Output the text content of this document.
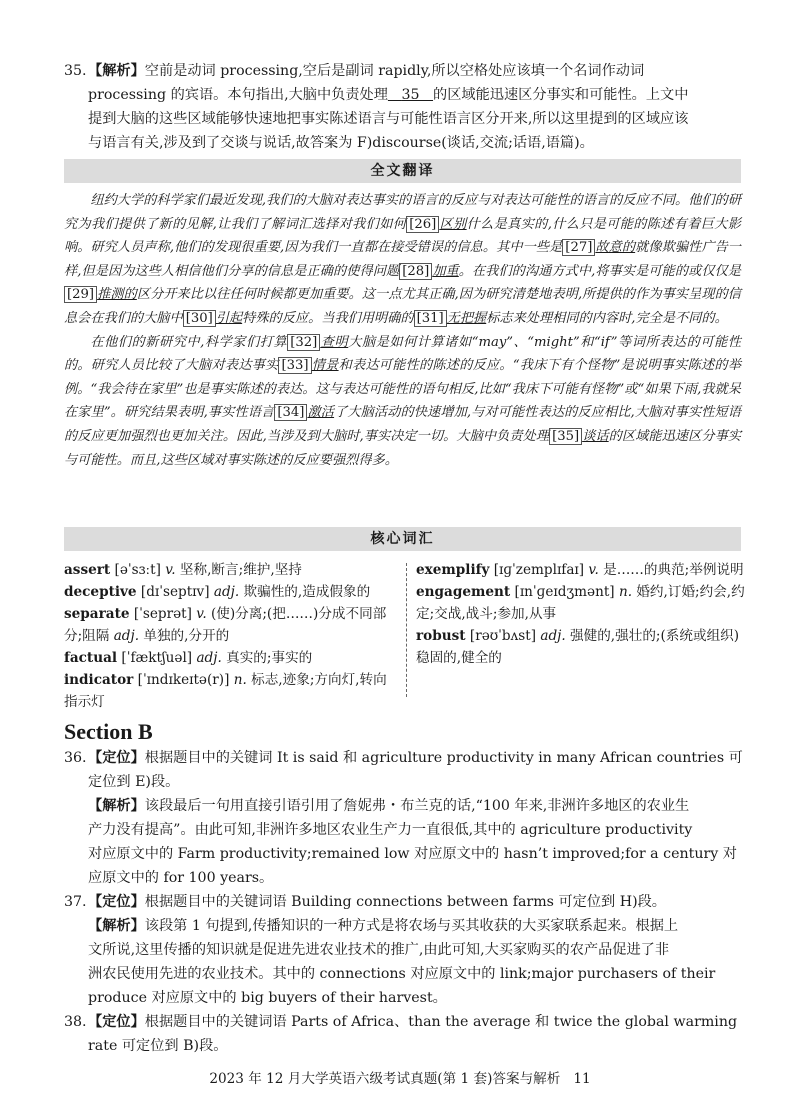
35.【解析】空前是动词 processing,空后是副词 rapidly,所以空格处应该填一个名词作动词
processing 的宾语。本句指出,大脑中负责处理 35 的区域能迅速区分事实和可能性。上文中
提到大脑的这些区域能够快速地把事实陈述语言与可能性语言区分开来,所以这里提到的区域应该
与语言有关,涉及到了交谈与说话,故答案为 F)discourse(谈话,交流;话语,语篇)。
全文翻译

纽约大学的科学家们最近发现,我们的大脑对表达事实的语言的反应与对表达可能性的语言的反应不同。他们的研究为我们提供了新的见解,让我们了解词汇选择对我们如何 [26] 区别什么是真实的,什么只是可能的陈述有着巨大影响。研究人员声称,他们的发现很重要,因为我们一直都在接受错误的信息。其中一些是 [27] 故意的就像欺骗性广告一样,但是因为这些人相信他们分享的信息是正确的使得问题 [28] 加重。在我们的沟通方式中,将事实是可能的或仅仅是[29] 推测的区分开来比以往任何时候都更加重要。这一点尤其正确,因为研究清楚地表明,所提供的作为事实呈现的信息会在我们的大脑中 [30] 引起特殊的反应。当我们用明确的 [31] 无把握标志来处理相同的内容时,完全是不同的。

在他们的新研究中,科学家们打算 [32] 查明大脑是如何计算诸如“may”、“might”和“if”等词所表达的可能性的。研究人员比较了大脑对表达事实 [33] 情景和表达可能性的陈述的反应。“我床下有个怪物”是说明事实陈述的举例。“我会待在家里”也是事实陈述的表达。这与表达可能性的语句相反,比如“我床下可能有怪物”或“如果下雨,我就呆在家里”。研究结果表明,事实性语言 [34] 激活了大脑活动的快速增加,与对可能性表达的反应相比,大脑对事实性短语的反应更加强烈也更加关注。因此,当涉及到大脑时,事实决定一切。大脑中负责处理 [35] 谈话的区域能迅速区分事实与可能性。而且,这些区域对事实陈述的反应要强烈得多。

核心词汇
assert [əˈsɜːt] v. 坚称,断言;维护,坚持
deceptive [dɪˈseptɪv] adj. 欺骗性的,造成假象的
separate [ˈseprət] v. (使)分离;(把……)分成不同部分;阻隔 adj. 单独的,分开的
factual [ˈfæktʃuəl] adj. 真实的;事实的
indicator [ˈɪndɪkeɪtə(r)] n. 标志,迹象;方向灯,转向指示灯
exemplify [ɪɡˈzemplɪfaɪ] v. 是……的典范;举例说明
engagement [ɪnˈɡeɪdʒmənt] n. 婚约,订婚;约会,约定;交战,战斗;参加,从事
robust [rəʊˈbʌst] adj. 强健的,强壮的;(系统或组织)稳固的,健全的
Section B
36.【定位】根据题目中的关键词 It is said 和 agriculture productivity in many African countries 可
定位到 E)段。
【解析】该段最后一句用直接引语引用了詹妮弗・布兰克的话,“100 年来,非洲许多地区的农业生
产力没有提高”。由此可知,非洲许多地区农业生产力一直很低,其中的 agriculture productivity
对应原文中的 Farm productivity;remained low 对应原文中的 hasn’t improved;for a century 对
应原文中的 for 100 years。
37.【定位】根据题目中的关键词语 Building connections between farms 可定位到 H)段。
【解析】该段第 1 句提到,传播知识的一种方式是将农场与买其收获的大买家联系起来。根据上
文所说,这里传播的知识就是促进先进农业技术的推广,由此可知,大买家购买的农产品促进了非
洲农民使用先进的农业技术。其中的 connections 对应原文中的 link;major purchasers of their
produce 对应原文中的 big buyers of their harvest。
38.【定位】根据题目中的关键词语 Parts of Africa、than the average 和 twice the global warming
rate 可定位到 B)段。
2023 年 12 月大学英语六级考试真题(第 1 套)答案与解析 11
